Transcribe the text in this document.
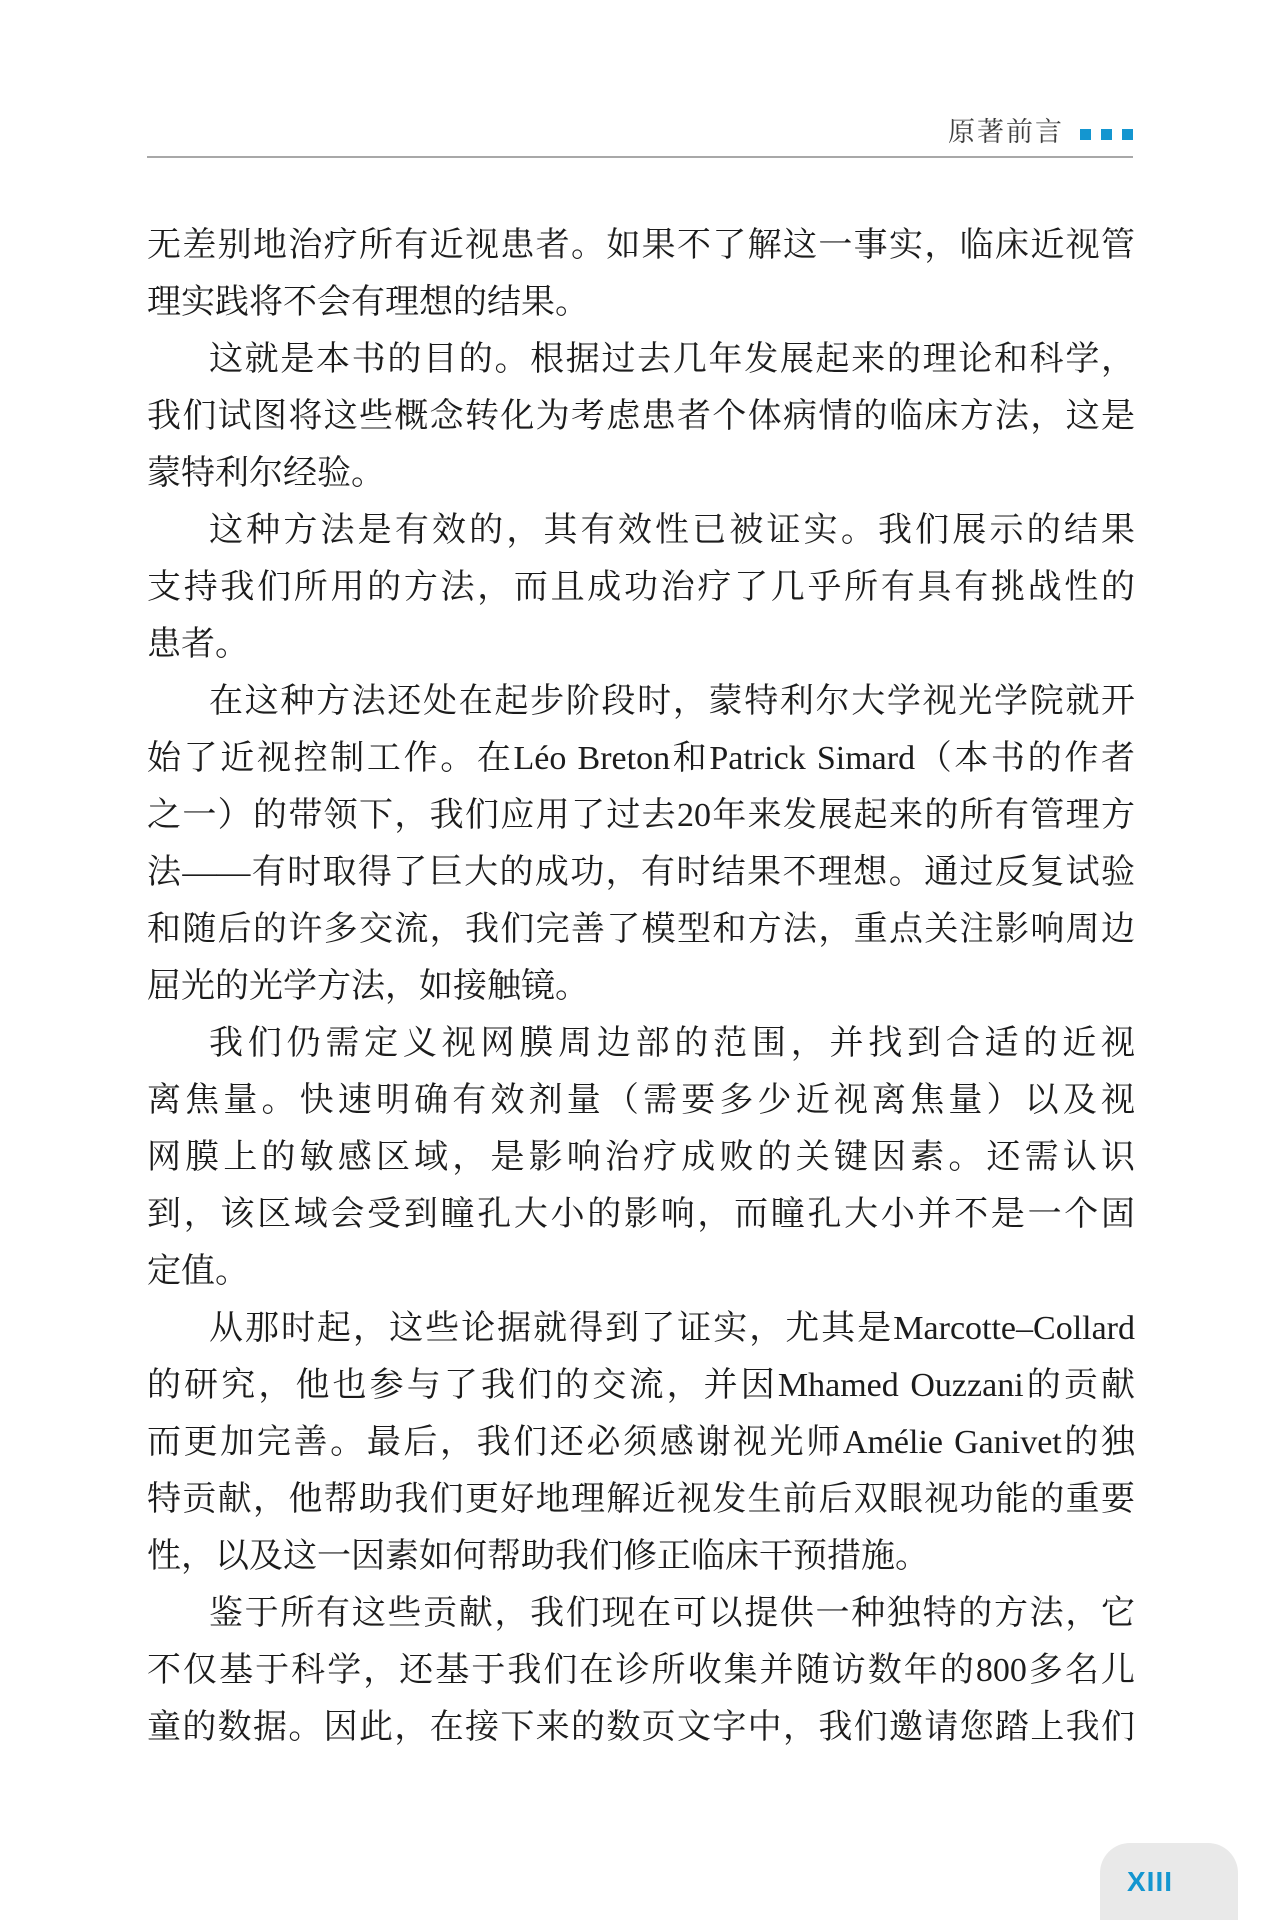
原著前言
无差别地治疗所有近视患者。如果不了解这一事实，临床近视管
理实践将不会有理想的结果。
这就是本书的目的。根据过去几年发展起来的理论和科学，
我们试图将这些概念转化为考虑患者个体病情的临床方法，这是
蒙特利尔经验。
这种方法是有效的，其有效性已被证实。我们展示的结果
支持我们所用的方法，而且成功治疗了几乎所有具有挑战性的
患者。
在这种方法还处在起步阶段时，蒙特利尔大学视光学院就开
始了近视控制工作。在Léo Breton和Patrick Simard（本书的作者
之一）的带领下，我们应用了过去20年来发展起来的所有管理方
法——有时取得了巨大的成功，有时结果不理想。通过反复试验
和随后的许多交流，我们完善了模型和方法，重点关注影响周边
屈光的光学方法，如接触镜。
我们仍需定义视网膜周边部的范围，并找到合适的近视
离焦量。快速明确有效剂量（需要多少近视离焦量）以及视
网膜上的敏感区域，是影响治疗成败的关键因素。还需认识
到，该区域会受到瞳孔大小的影响，而瞳孔大小并不是一个固
定值。
从那时起，这些论据就得到了证实，尤其是Marcotte–Collard
的研究，他也参与了我们的交流，并因Mhamed Ouzzani的贡献
而更加完善。最后，我们还必须感谢视光师Amélie Ganivet的独
特贡献，他帮助我们更好地理解近视发生前后双眼视功能的重要
性，以及这一因素如何帮助我们修正临床干预措施。
鉴于所有这些贡献，我们现在可以提供一种独特的方法，它
不仅基于科学，还基于我们在诊所收集并随访数年的800多名儿
童的数据。因此，在接下来的数页文字中，我们邀请您踏上我们
XIII
